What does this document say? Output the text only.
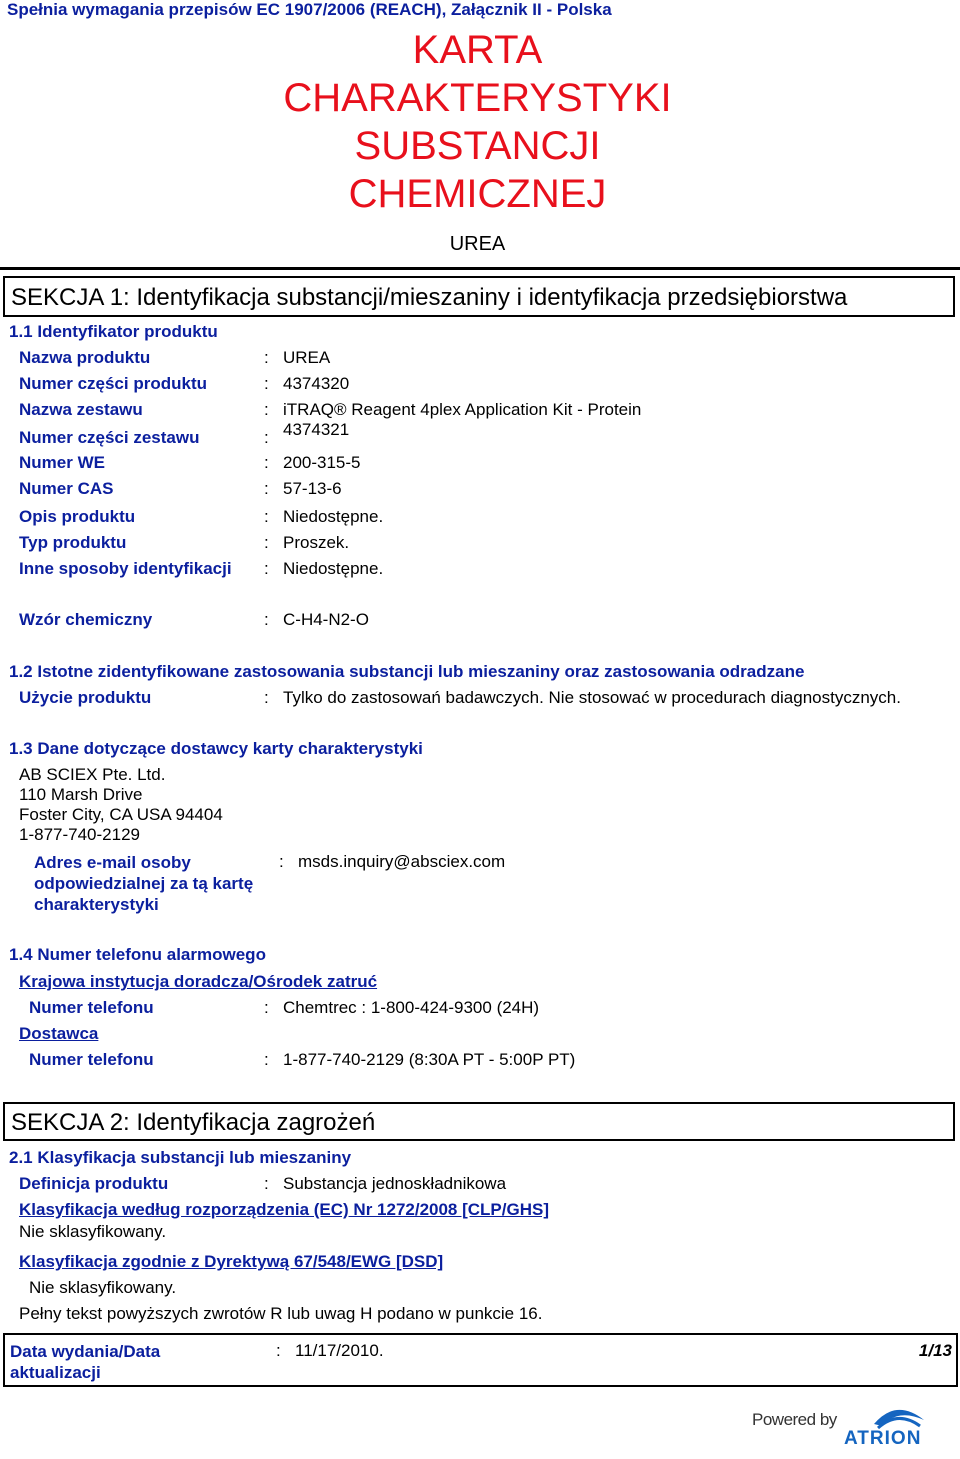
Spełnia wymagania przepisów EC 1907/2006 (REACH), Załącznik II - Polska
KARTA
CHARAKTERYSTYKI
SUBSTANCJI
CHEMICZNEJ
UREA
SEKCJA 1: Identyfikacja substancji/mieszaniny i identyfikacja przedsiębiorstwa
1.1 Identyfikator produktu
Nazwa produktu	: UREA
Numer części produktu	: 4374320
Nazwa zestawu	: iTRAQ® Reagent 4plex Application Kit - Protein
Numer części zestawu	: 4374321
Numer WE	: 200-315-5
Numer CAS	: 57-13-6
Opis produktu	: Niedostępne.
Typ produktu	: Proszek.
Inne sposoby identyfikacji : Niedostępne.
Wzór chemiczny	: C-H4-N2-O
1.2 Istotne zidentyfikowane zastosowania substancji lub mieszaniny oraz zastosowania odradzane
Użycie produktu	: Tylko do zastosowań badawczych. Nie stosować w procedurach diagnostycznych.
1.3 Dane dotyczące dostawcy karty charakterystyki
AB SCIEX Pte. Ltd.
110 Marsh Drive
Foster City, CA USA 94404
1-877-740-2129
Adres e-mail osoby
odpowiedzialnej za tą kartę
charakterystyki
: msds.inquiry@absciex.com
1.4 Numer telefonu alarmowego
Krajowa instytucja doradcza/Ośrodek zatruć
Numer telefonu	: Chemtrec : 1-800-424-9300 (24H)
Dostawca
Numer telefonu	: 1-877-740-2129 (8:30A PT - 5:00P PT)
SEKCJA 2: Identyfikacja zagrożeń
2.1 Klasyfikacja substancji lub mieszaniny
Definicja produktu	: Substancja jednoskładnikowa
Klasyfikacja według rozporządzenia (EC) Nr 1272/2008 [CLP/GHS]
Nie sklasyfikowany.
Klasyfikacja zgodnie z Dyrektywą 67/548/EWG [DSD]
Nie sklasyfikowany.
Pełny tekst powyższych zwrotów R lub uwag H podano w punkcie 16.
Data wydania/Data
aktualizacji
: 11/17/2010.	1/13
Powered by
ATRION
